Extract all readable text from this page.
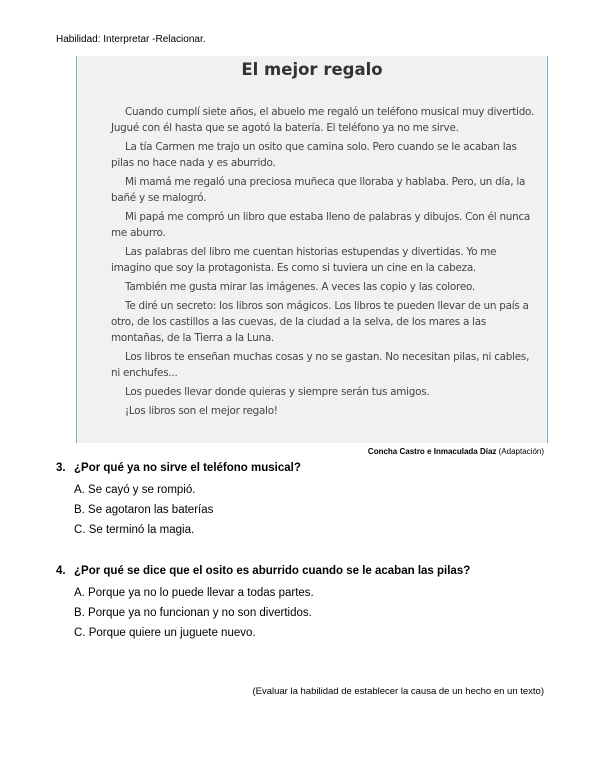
Habilidad: Interpretar -Relacionar.
El mejor regalo

Cuando cumplí siete años, el abuelo me regaló un teléfono musical muy divertido. Jugué con él hasta que se agotó la batería. El teléfono ya no me sirve.

La tía Carmen me trajo un osito que camina solo. Pero cuando se le acaban las pilas no hace nada y es aburrido.

Mi mamá me regaló una preciosa muñeca que lloraba y hablaba. Pero, un día, la bañé y se malogró.

Mi papá me compró un libro que estaba lleno de palabras y dibujos. Con él nunca me aburro.

Las palabras del libro me cuentan historias estupendas y divertidas. Yo me imagino que soy la protagonista. Es como si tuviera un cine en la cabeza.

También me gusta mirar las imágenes. A veces las copio y las coloreo.

Te diré un secreto: los libros son mágicos. Los libros te pueden llevar de un país a otro, de los castillos a las cuevas, de la ciudad a la selva, de los mares a las montañas, de la Tierra a la Luna.

Los libros te enseñan muchas cosas y no se gastan. No necesitan pilas, ni cables, ni enchufes...

Los puedes llevar donde quieras y siempre serán tus amigos.

¡Los libros son el mejor regalo!

Concha Castro e Inmaculada Díaz (Adaptación)
3. ¿Por qué ya no sirve el teléfono musical?
A. Se cayó y se rompió.
B. Se agotaron las baterías
C. Se terminó la magia.
4. ¿Por qué se dice que el osito es aburrido cuando se le acaban las pilas?
A. Porque ya no lo puede llevar a todas partes.
B. Porque ya no funcionan y no son divertidos.
C. Porque quiere un juguete nuevo.
(Evaluar la habilidad de establecer la causa de un hecho en un texto)
